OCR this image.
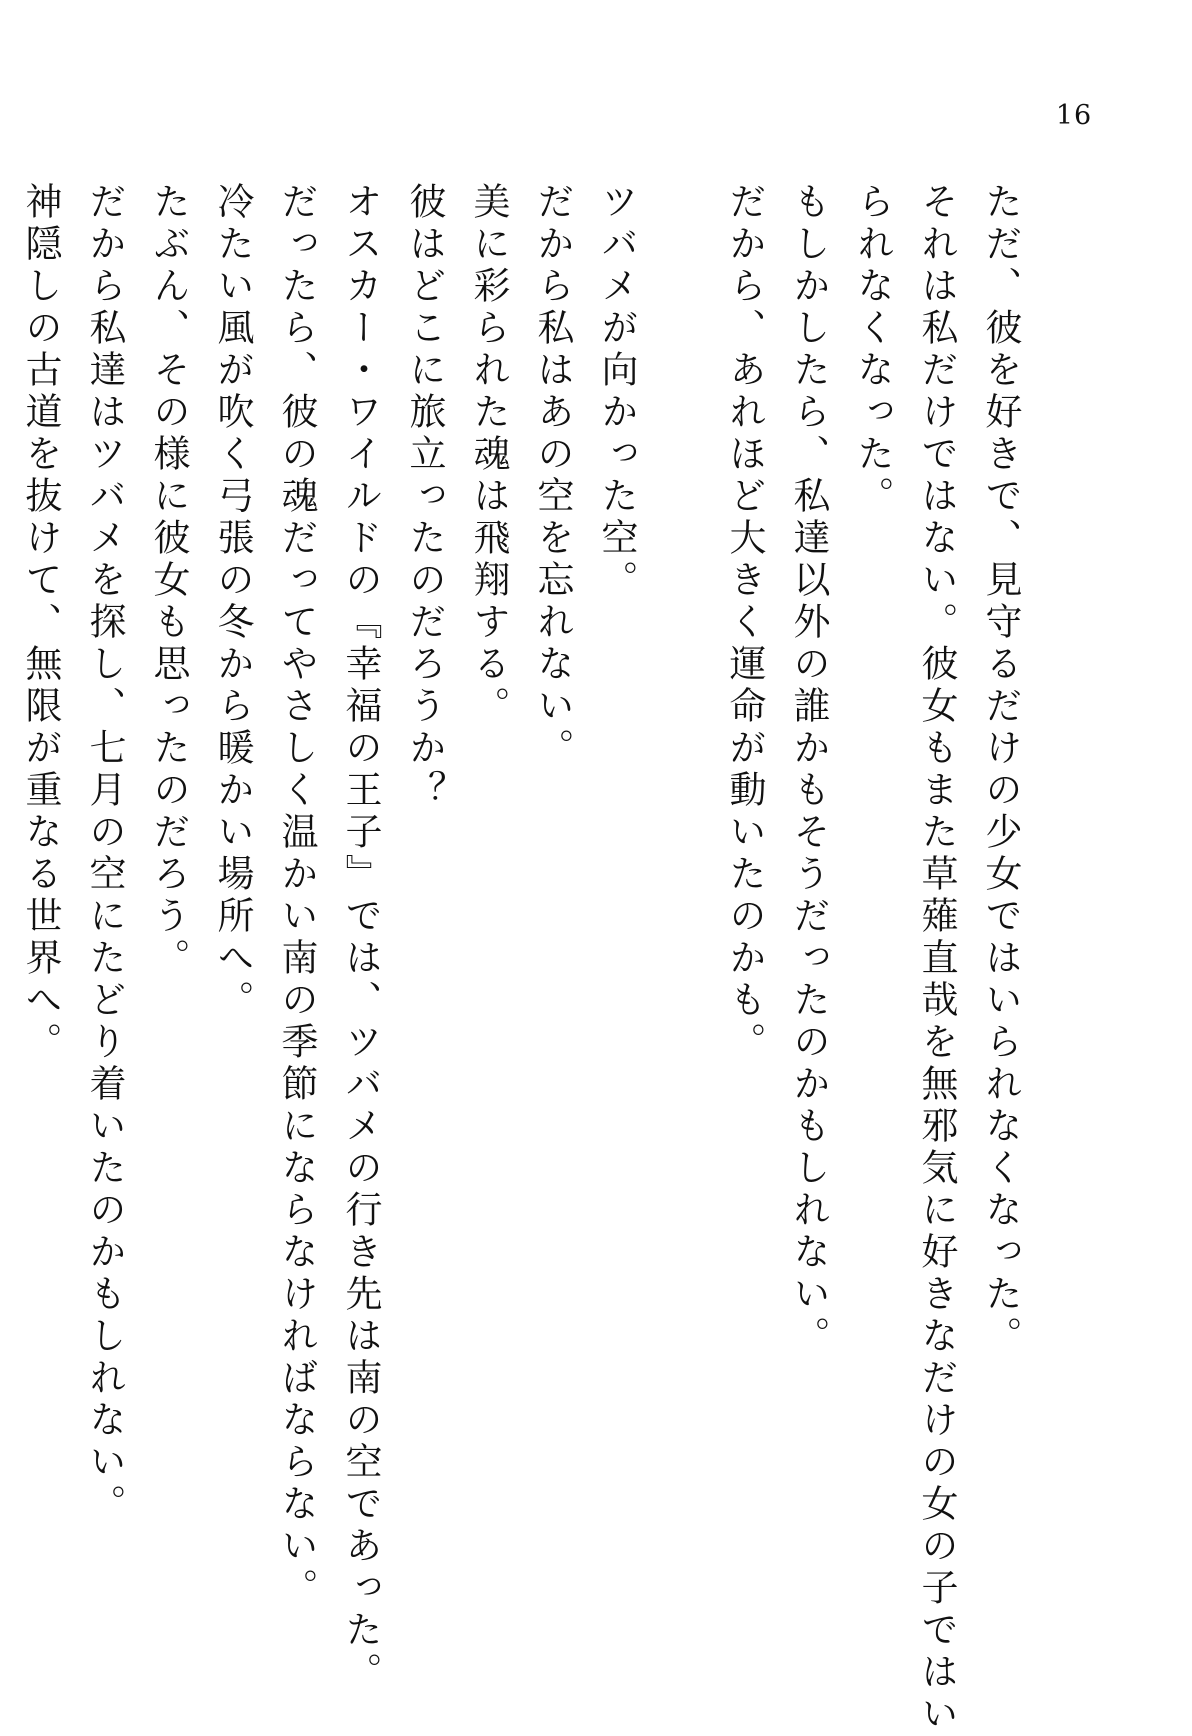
16
ただ、彼を好きで、見守るだけの少女ではいられなくなった。
それは私だけではない。彼女もまた草薙直哉を無邪気に好きなだけの女の子ではい
られなくなった。
もしかしたら、私達以外の誰かもそうだったのかもしれない。
だから、あれほど大きく運命が動いたのかも。
ツバメが向かった空。
だから私はあの空を忘れない。
美に彩られた魂は飛翔する。
彼はどこに旅立ったのだろうか？
オスカー・ワイルドの『幸福の王子』では、ツバメの行き先は南の空であった。
だったら、彼の魂だってやさしく温かい南の季節にならなければならない。
冷たい風が吹く弓張の冬から暖かい場所へ。
たぶん、その様に彼女も思ったのだろう。
だから私達はツバメを探し、七月の空にたどり着いたのかもしれない。
神隠しの古道を抜けて、無限が重なる世界へ。
